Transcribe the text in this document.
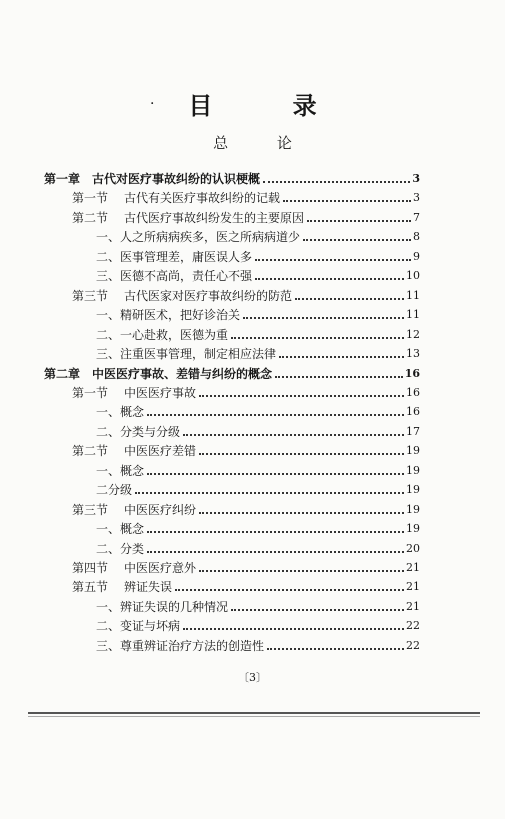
·	目 录
总 论
第一章 古代对医疗事故纠纷的认识梗概	3
第一节 古代有关医疗事故纠纷的记载	3
第二节 古代医疗事故纠纷发生的主要原因	7
一、 人之所病病疾多，医之所病病道少	8
二、 医事管理差，庸医误人多	9
三、 医德不高尚，责任心不强	10
第三节 古代医家对医疗事故纠纷的防范	11
一、 精研医术，把好诊治关	11
二、 一心赴救，医德为重	12
三、 注重医事管理，制定相应法律	13
第二章 中医医疗事故、差错与纠纷的概念	16
第一节 中医医疗事故	16
一、 概念	16
二、 分类与分级	17
第二节 中医医疗差错	19
一、 概念	19
二 分级	19
第三节 中医医疗纠纷	19
一、 概念	19
二、 分类	20
第四节 中医医疗意外	21
第五节 辨证失误	21
一、 辨证失误的几种情况	21
二、 变证与坏病	22
三、 尊重辨证治疗方法的创造性	22
〔3〕
